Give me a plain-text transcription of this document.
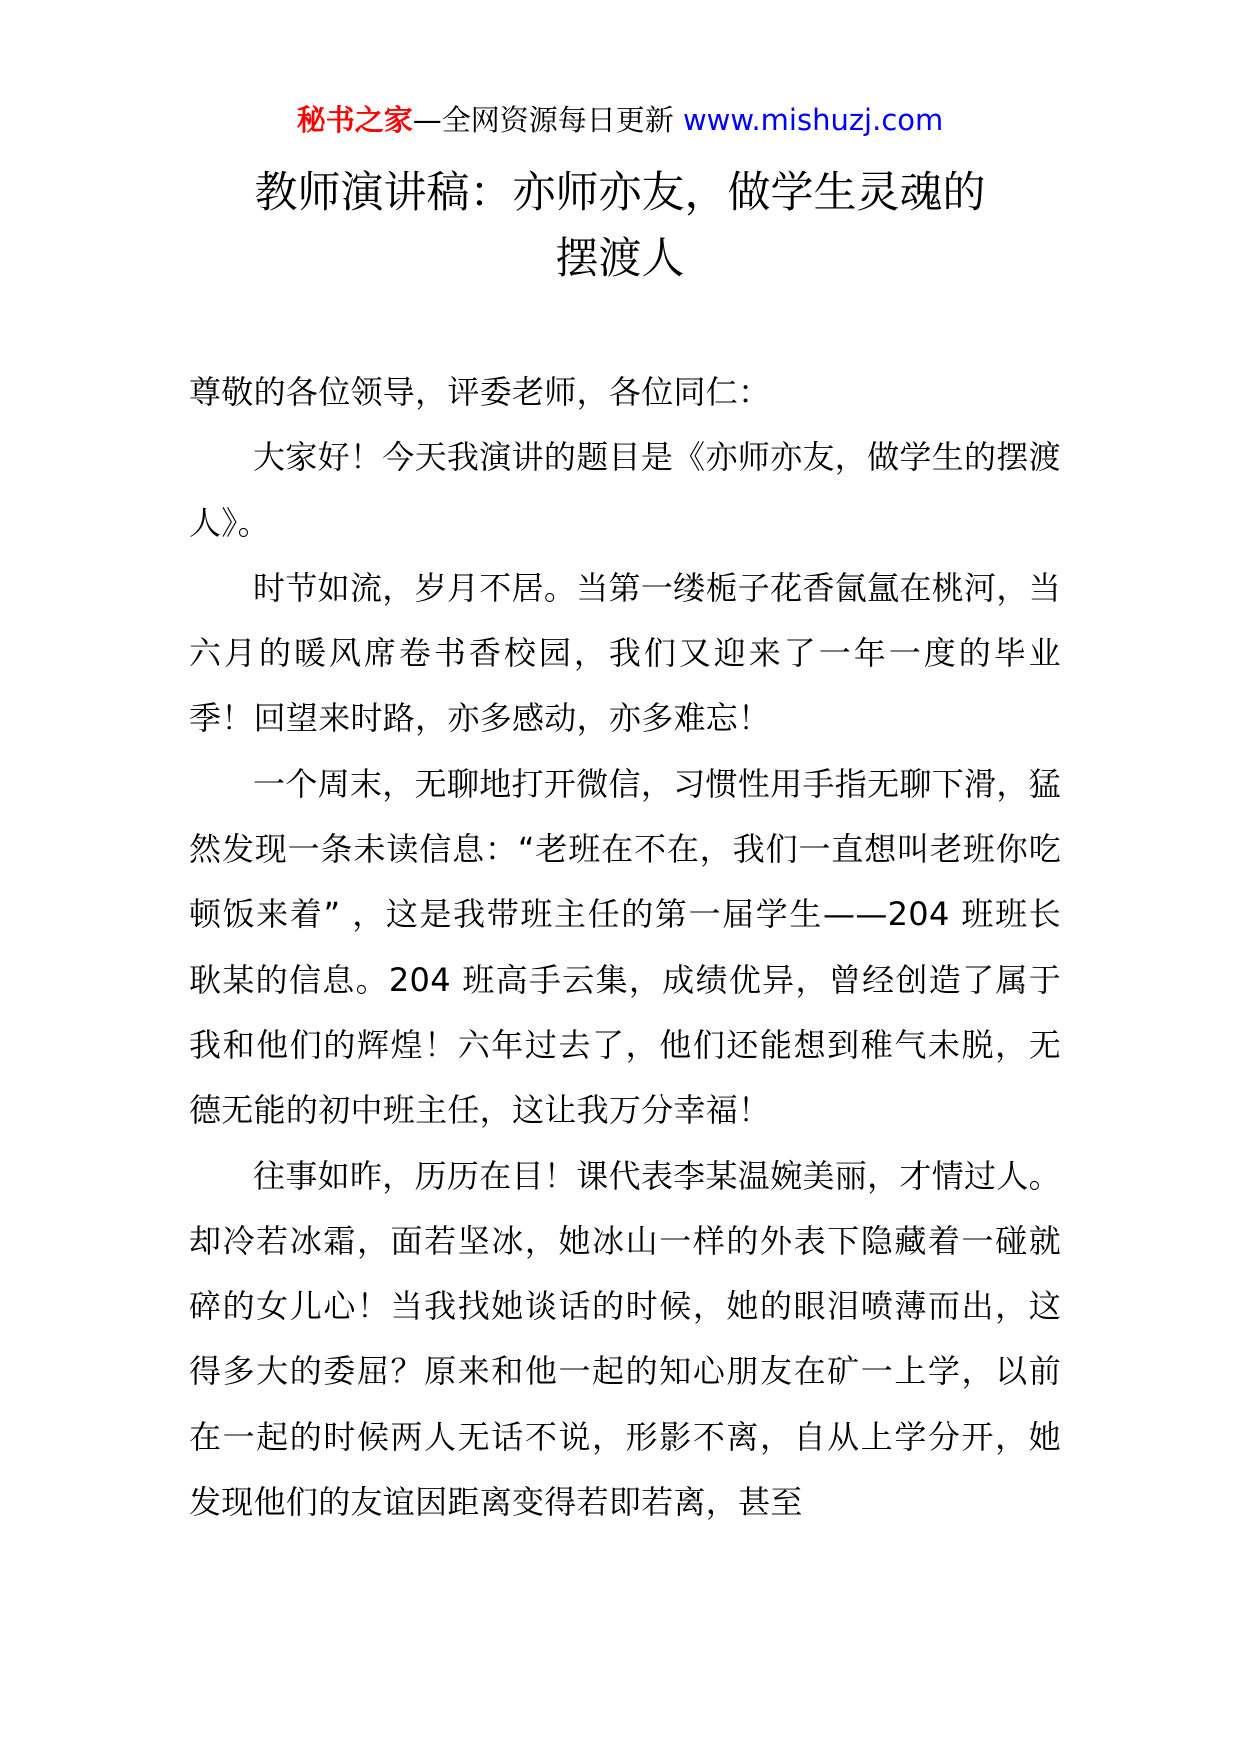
秘书之家—全网资源每日更新 www.mishuzj.com
教师演讲稿：亦师亦友，做学生灵魂的
摆渡人

尊敬的各位领导，评委老师，各位同仁：

大家好！今天我演讲的题目是《亦师亦友，做学生的摆渡人》。

时节如流，岁月不居。当第一缕栀子花香氤氲在桃河，当六月的暖风席卷书香校园，我们又迎来了一年一度的毕业季！回望来时路，亦多感动，亦多难忘！

一个周末，无聊地打开微信，习惯性用手指无聊下滑，猛然发现一条未读信息：“老班在不在，我们一直想叫老班你吃顿饭来着” ，这是我带班主任的第一届学生——204 班班长耿某的信息。204 班高手云集，成绩优异，曾经创造了属于我和他们的辉煌！六年过去了，他们还能想到稚气未脱，无德无能的初中班主任，这让我万分幸福！

往事如昨，历历在目！课代表李某温婉美丽，才情过人。却冷若冰霜，面若坚冰，她冰山一样的外表下隐藏着一碰就碎的女儿心！当我找她谈话的时候，她的眼泪喷薄而出，这得多大的委屈？原来和他一起的知心朋友在矿一上学，以前在一起的时候两人无话不说，形影不离，自从上学分开，她发现他们的友谊因距离变得若即若离，甚至
